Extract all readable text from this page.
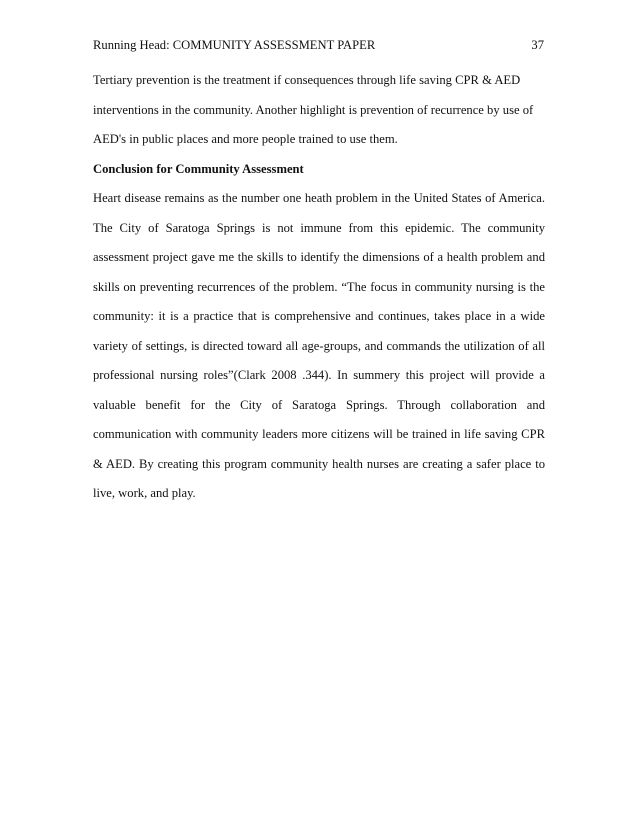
Running Head: COMMUNITY ASSESSMENT PAPER	37

Tertiary prevention is the treatment if consequences through life saving CPR & AED interventions in the community. Another highlight is prevention of recurrence by use of AED's in public places and more people trained to use them.

Conclusion for Community Assessment

Heart disease remains as the number one heath problem in the United States of America. The City of Saratoga Springs is not immune from this epidemic. The community assessment project gave me the skills to identify the dimensions of a health problem and skills on preventing recurrences of the problem. “The focus in community nursing is the community: it is a practice that is comprehensive and continues, takes place in a wide variety of settings, is directed toward all age-groups, and commands the utilization of all professional nursing roles”(Clark 2008 .344). In summery this project will provide a valuable benefit for the City of Saratoga Springs. Through collaboration and communication with community leaders more citizens will be trained in life saving CPR & AED. By creating this program community health nurses are creating a safer place to live, work, and play.
